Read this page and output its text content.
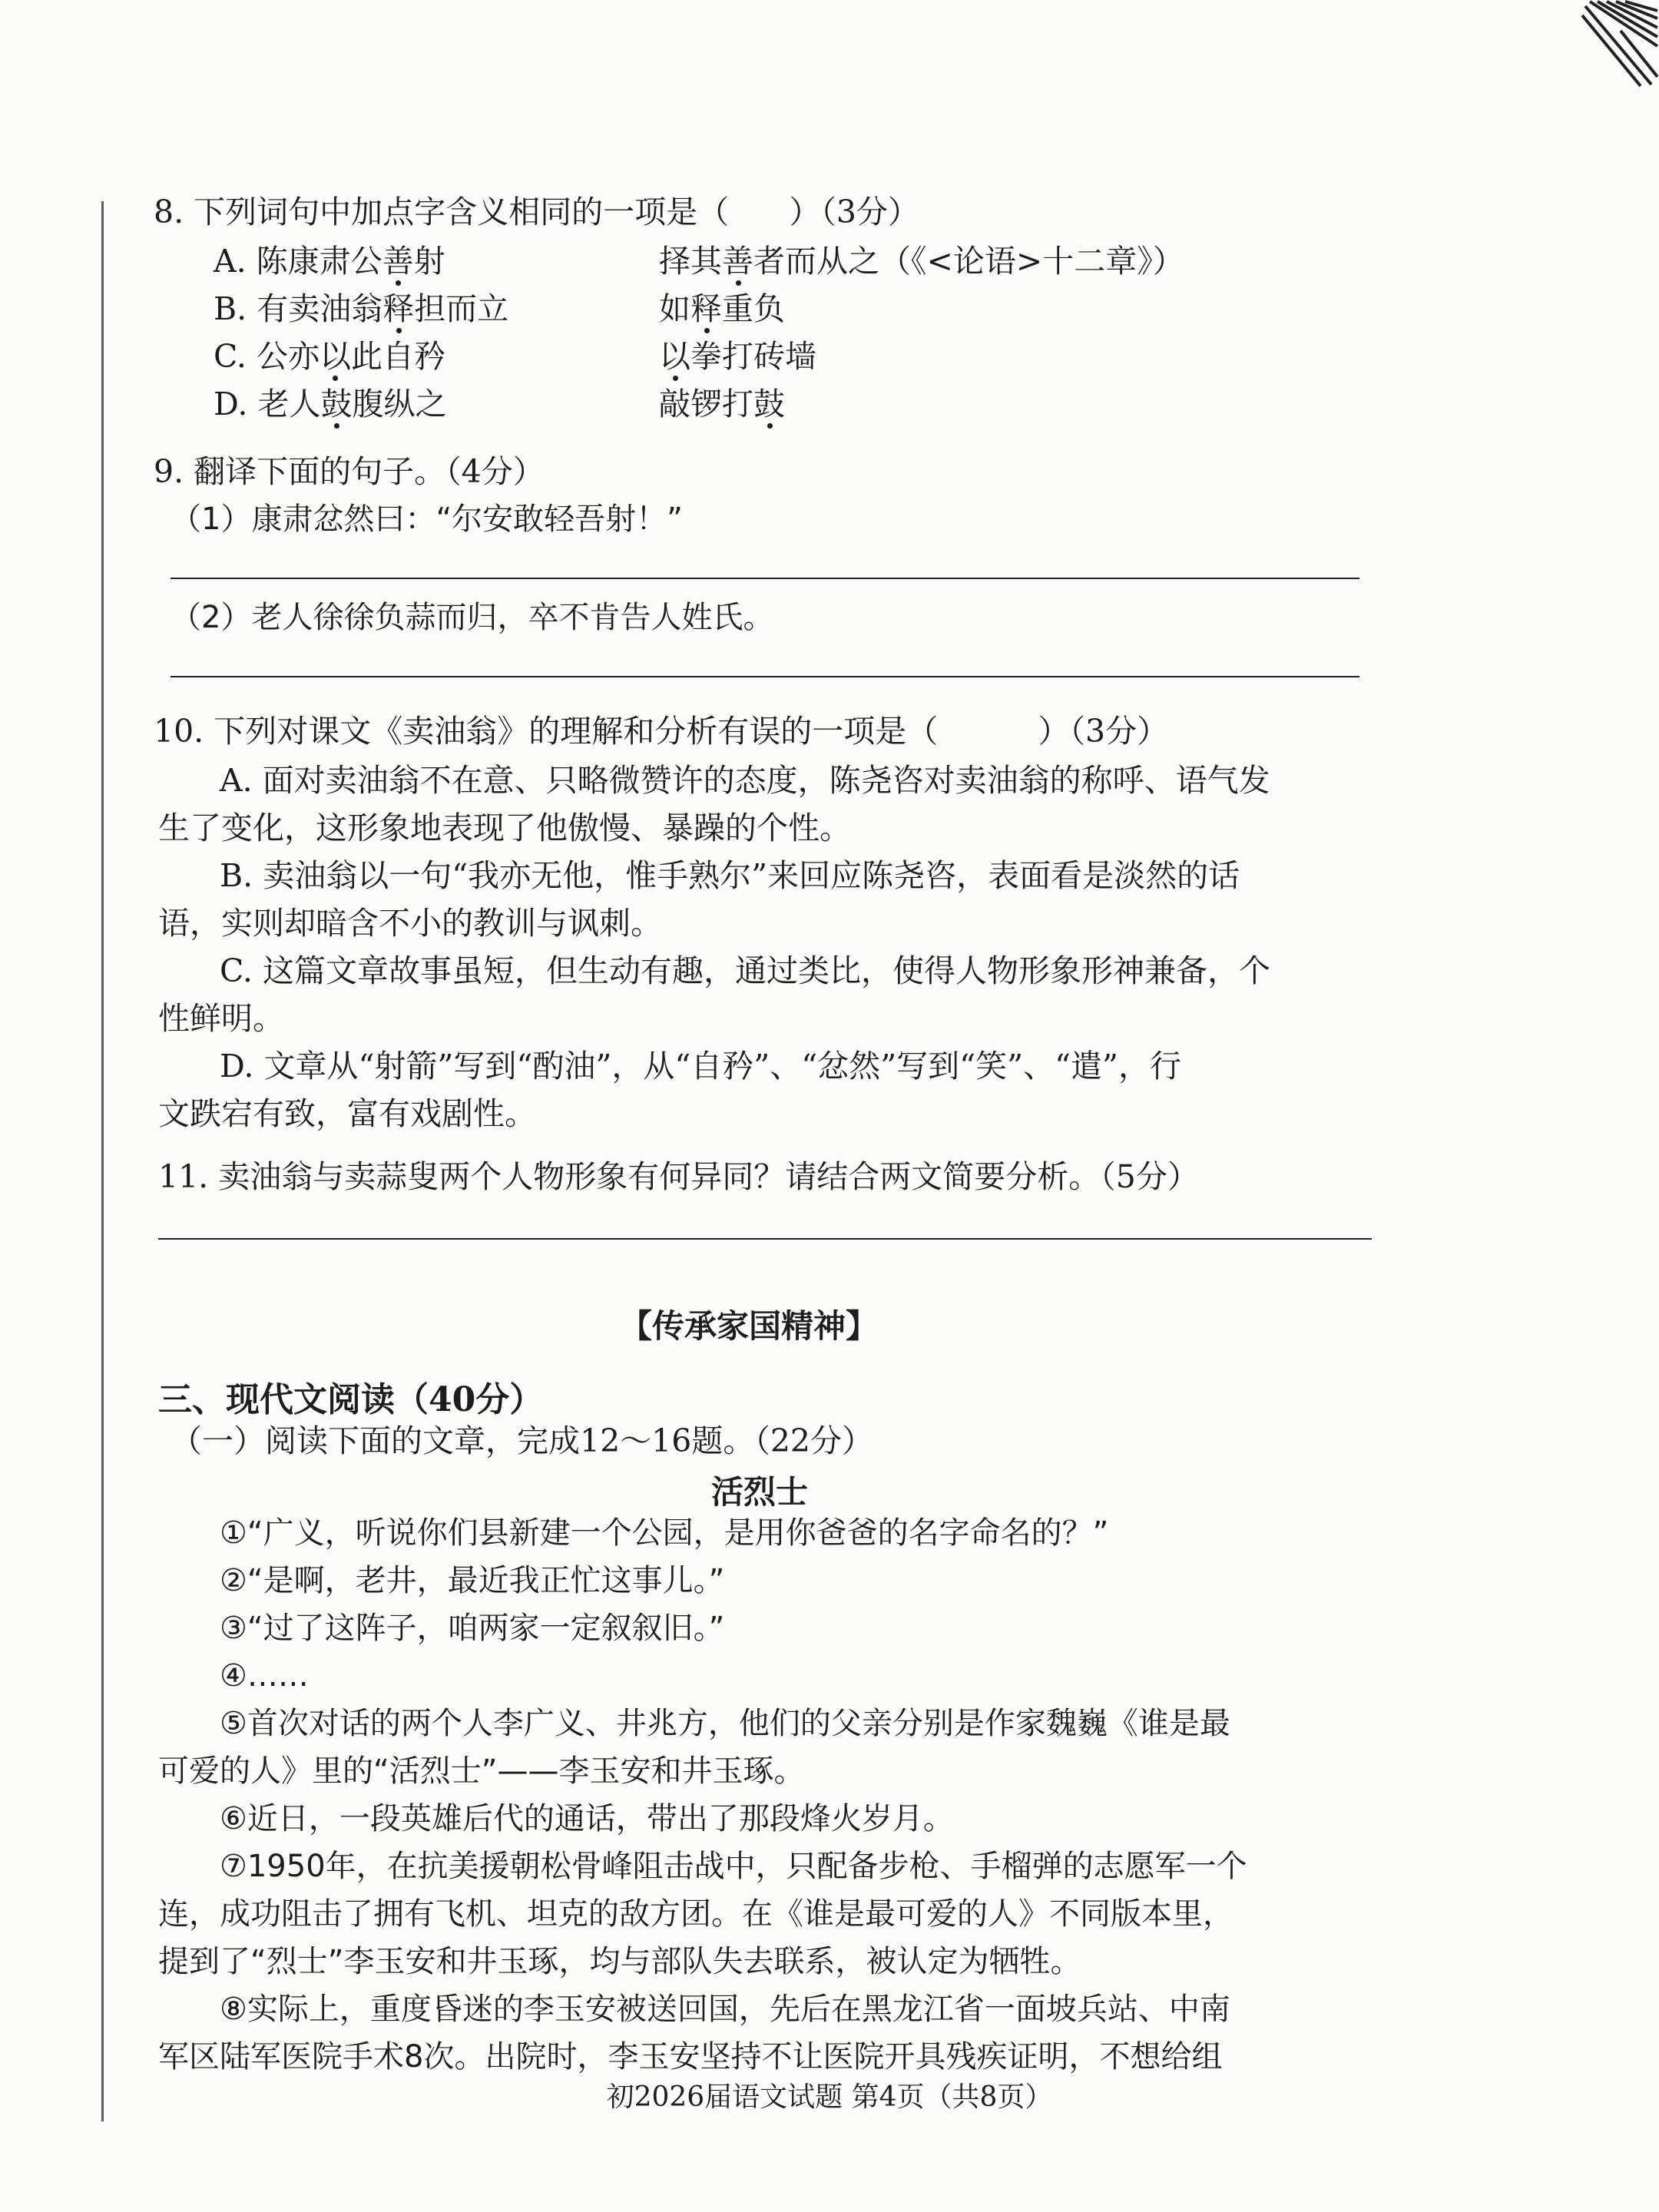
8. 下列词句中加点字含义相同的一项是（      ）（3分）
A. 陈康肃公善射	择其善者而从之（《<论语>十二章》）
B. 有卖油翁释担而立	如释重负
C. 公亦以此自矜	以拳打砖墙
D. 老人鼓腹纵之	敲锣打鼓
9. 翻译下面的句子。（4分）
（1）康肃忿然曰：“尔安敢轻吾射！”
（2）老人徐徐负蒜而归，卒不肯告人姓氏。
10. 下列对课文《卖油翁》的理解和分析有误的一项是（          ）（3分）
A. 面对卖油翁不在意、只略微赞许的态度，陈尧咨对卖油翁的称呼、语气发
生了变化，这形象地表现了他傲慢、暴躁的个性。
B. 卖油翁以一句“我亦无他，惟手熟尔”来回应陈尧咨，表面看是淡然的话
语，实则却暗含不小的教训与讽刺。
C. 这篇文章故事虽短，但生动有趣，通过类比，使得人物形象形神兼备，个
性鲜明。
D. 文章从“射箭”写到“酌油”，从“自矜”、“忿然”写到“笑”、“遣”，行
文跌宕有致，富有戏剧性。
11. 卖油翁与卖蒜叟两个人物形象有何异同？请结合两文简要分析。（5分）
【传承家国精神】
三、现代文阅读（40分）
（一）阅读下面的文章，完成12～16题。（22分）
活烈士
①“广义，听说你们县新建一个公园，是用你爸爸的名字命名的？”
②“是啊，老井，最近我正忙这事儿。”
③“过了这阵子，咱两家一定叙叙旧。”
④……
⑤首次对话的两个人李广义、井兆方，他们的父亲分别是作家魏巍《谁是最
可爱的人》里的“活烈士”——李玉安和井玉琢。
⑥近日，一段英雄后代的通话，带出了那段烽火岁月。
⑦1950年，在抗美援朝松骨峰阻击战中，只配备步枪、手榴弹的志愿军一个
连，成功阻击了拥有飞机、坦克的敌方团。在《谁是最可爱的人》不同版本里，
提到了“烈士”李玉安和井玉琢，均与部队失去联系，被认定为牺牲。
⑧实际上，重度昏迷的李玉安被送回国，先后在黑龙江省一面坡兵站、中南
军区陆军医院手术8次。出院时，李玉安坚持不让医院开具残疾证明，不想给组
初2026届语文试题 第4页（共8页）
